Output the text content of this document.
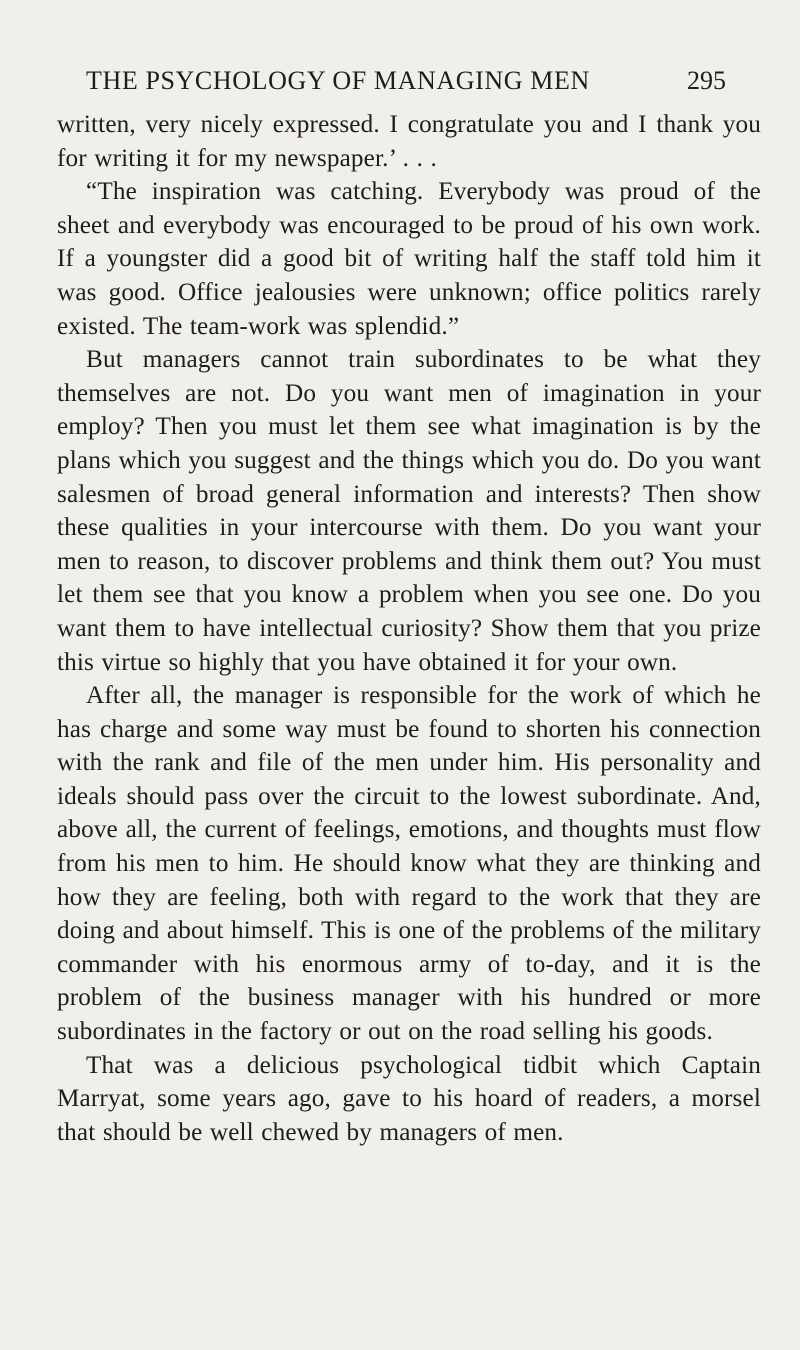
THE PSYCHOLOGY OF MANAGING MEN	295

written, very nicely expressed. I congratulate you and I thank you for writing it for my newspaper.’ . . .

“The inspiration was catching. Everybody was proud of the sheet and everybody was encouraged to be proud of his own work. If a youngster did a good bit of writing half the staff told him it was good. Office jealousies were unknown; office politics rarely existed. The team-work was splendid.”

But managers cannot train subordinates to be what they themselves are not. Do you want men of imagination in your employ? Then you must let them see what imagination is by the plans which you suggest and the things which you do. Do you want salesmen of broad general information and interests? Then show these qualities in your intercourse with them. Do you want your men to reason, to discover problems and think them out? You must let them see that you know a problem when you see one. Do you want them to have intellectual curiosity? Show them that you prize this virtue so highly that you have obtained it for your own.

After all, the manager is responsible for the work of which he has charge and some way must be found to shorten his connection with the rank and file of the men under him. His personality and ideals should pass over the circuit to the lowest subordinate. And, above all, the current of feelings, emotions, and thoughts must flow from his men to him. He should know what they are thinking and how they are feeling, both with regard to the work that they are doing and about himself. This is one of the problems of the military commander with his enormous army of to-day, and it is the problem of the business manager with his hundred or more subordinates in the factory or out on the road selling his goods.

That was a delicious psychological tidbit which Captain Marryat, some years ago, gave to his hoard of readers, a morsel that should be well chewed by managers of men.
